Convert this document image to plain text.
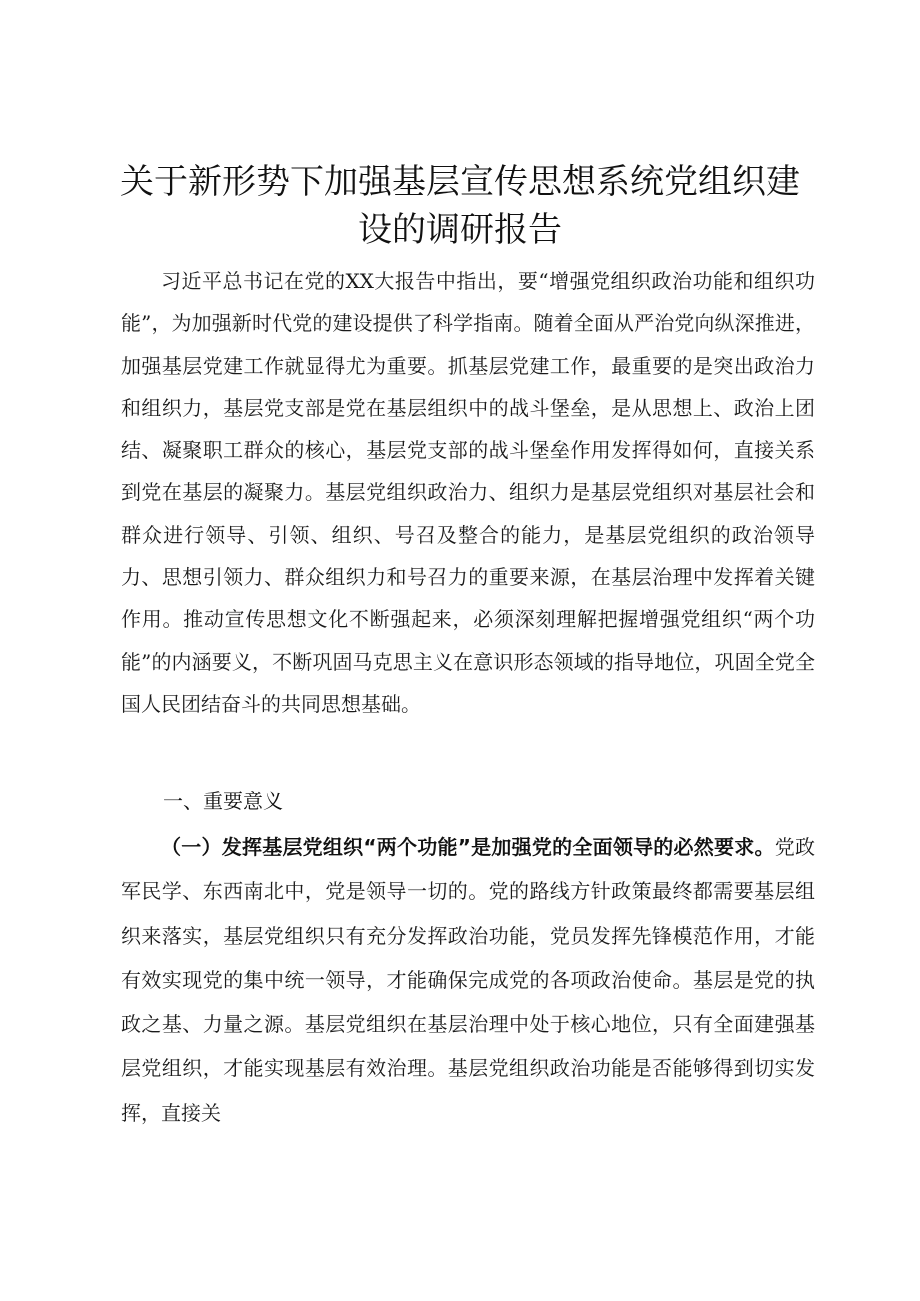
关于新形势下加强基层宣传思想系统党组织建
设的调研报告

习近平总书记在党的XX大报告中指出，要“增强党组织政治功能和组织功能”，为加强新时代党的建设提供了科学指南。随着全面从严治党向纵深推进，加强基层党建工作就显得尤为重要。抓基层党建工作，最重要的是突出政治力和组织力，基层党支部是党在基层组织中的战斗堡垒，是从思想上、政治上团结、凝聚职工群众的核心，基层党支部的战斗堡垒作用发挥得如何，直接关系到党在基层的凝聚力。基层党组织政治力、组织力是基层党组织对基层社会和群众进行领导、引领、组织、号召及整合的能力，是基层党组织的政治领导力、思想引领力、群众组织力和号召力的重要来源，在基层治理中发挥着关键作用。推动宣传思想文化不断强起来，必须深刻理解把握增强党组织“两个功能”的内涵要义，不断巩固马克思主义在意识形态领域的指导地位，巩固全党全国人民团结奋斗的共同思想基础。

一、重要意义

（一）发挥基层党组织“两个功能”是加强党的全面领导的必然要求。党政军民学、东西南北中，党是领导一切的。党的路线方针政策最终都需要基层组织来落实，基层党组织只有充分发挥政治功能，党员发挥先锋模范作用，才能有效实现党的集中统一领导，才能确保完成党的各项政治使命。基层是党的执政之基、力量之源。基层党组织在基层治理中处于核心地位，只有全面建强基层党组织，才能实现基层有效治理。基层党组织政治功能是否能够得到切实发挥，直接关
